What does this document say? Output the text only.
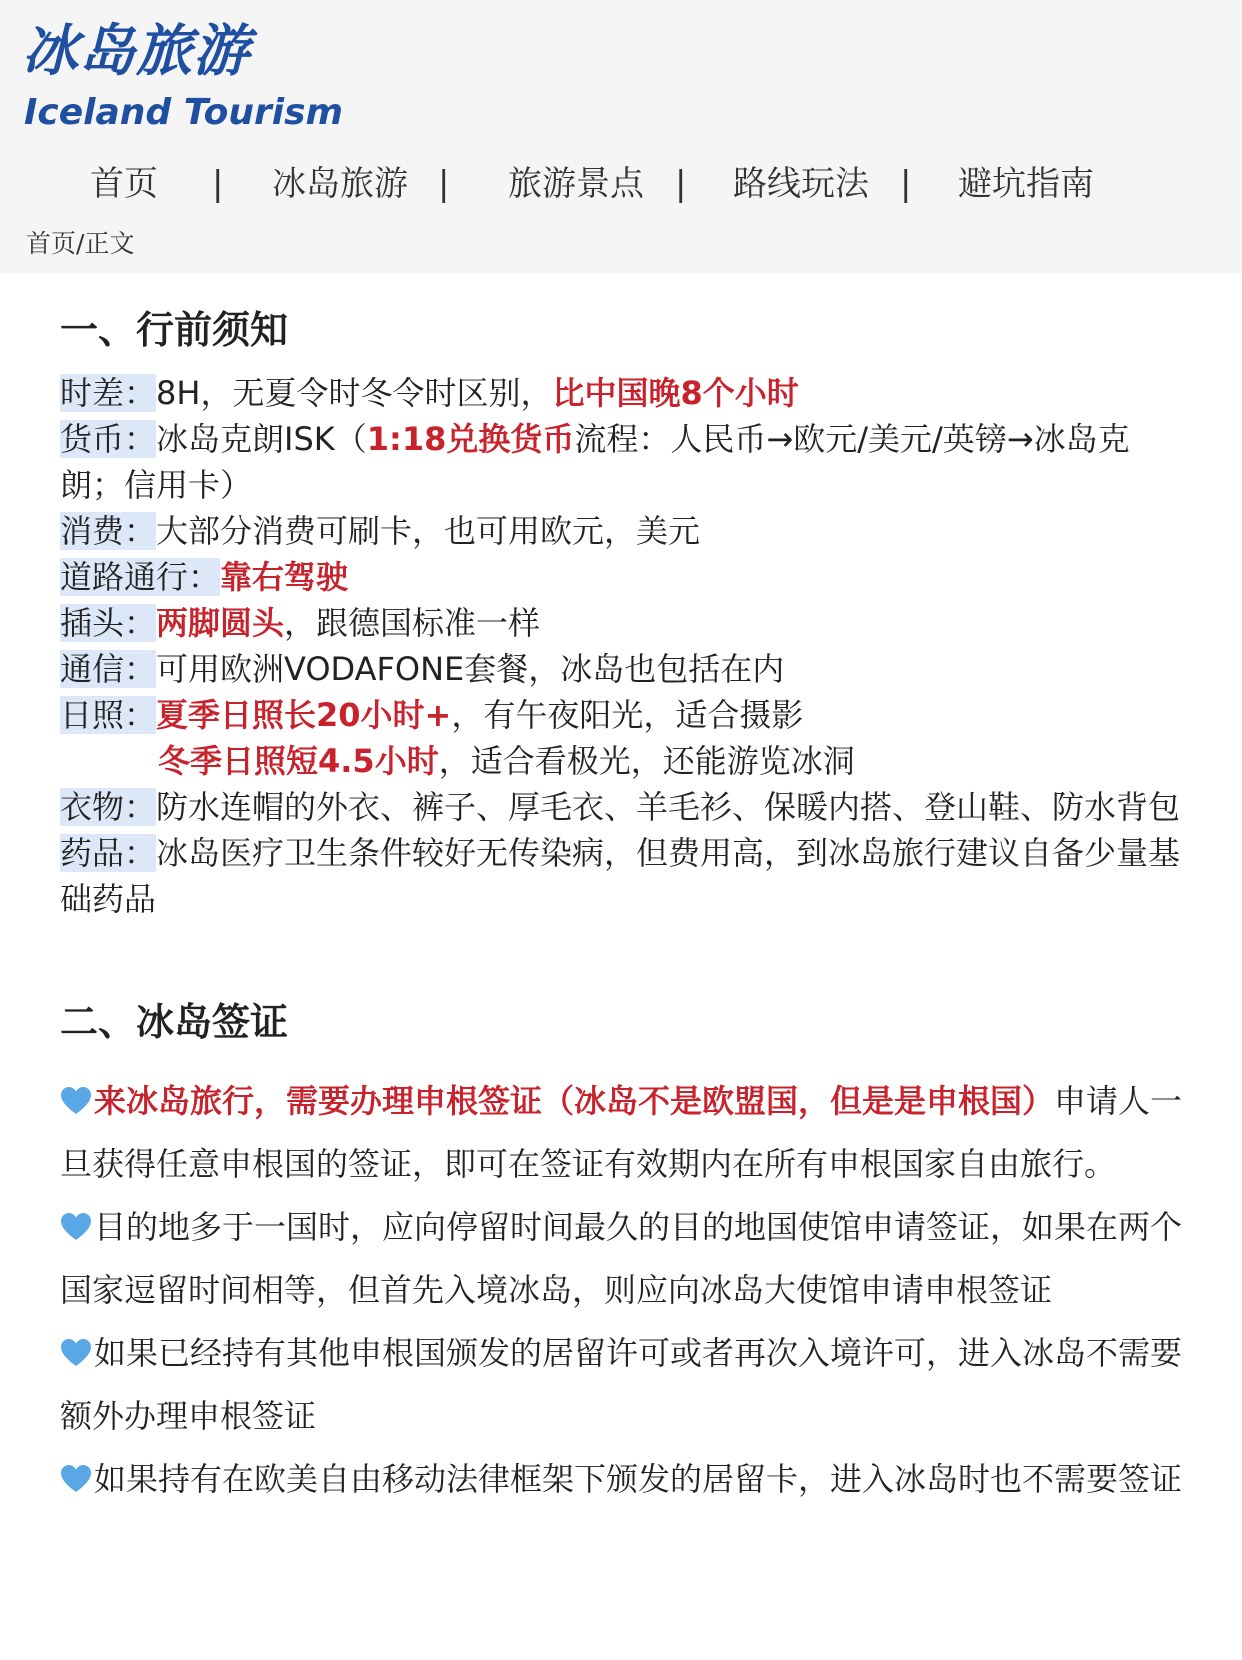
冰岛旅游
Iceland Tourism
首页 | 冰岛旅游 | 旅游景点 | 路线玩法 | 避坑指南
首页/正文
一、行前须知
时差：8H，无夏令时冬令时区别，比中国晚8个小时
货币：冰岛克朗ISK（1:18兑换货币流程：人民币→欧元/美元/英镑→冰岛克朗；信用卡）
消费：大部分消费可刷卡，也可用欧元，美元
道路通行：靠右驾驶
插头：两脚圆头，跟德国标准一样
通信：可用欧洲VODAFONE套餐，冰岛也包括在内
日照：夏季日照长20小时+，有午夜阳光，适合摄影
冬季日照短4.5小时，适合看极光，还能游览冰洞
衣物：防水连帽的外衣、裤子、厚毛衣、羊毛衫、保暖内搭、登山鞋、防水背包
药品：冰岛医疗卫生条件较好无传染病，但费用高，到冰岛旅行建议自备少量基础药品
二、冰岛签证
来冰岛旅行，需要办理申根签证（冰岛不是欧盟国，但是是申根国）申请人一旦获得任意申根国的签证，即可在签证有效期内在所有申根国家自由旅行。
目的地多于一国时，应向停留时间最久的目的地国使馆申请签证，如果在两个国家逗留时间相等，但首先入境冰岛，则应向冰岛大使馆申请申根签证
如果已经持有其他申根国颁发的居留许可或者再次入境许可，进入冰岛不需要额外办理申根签证
如果持有在欧美自由移动法律框架下颁发的居留卡，进入冰岛时也不需要签证
